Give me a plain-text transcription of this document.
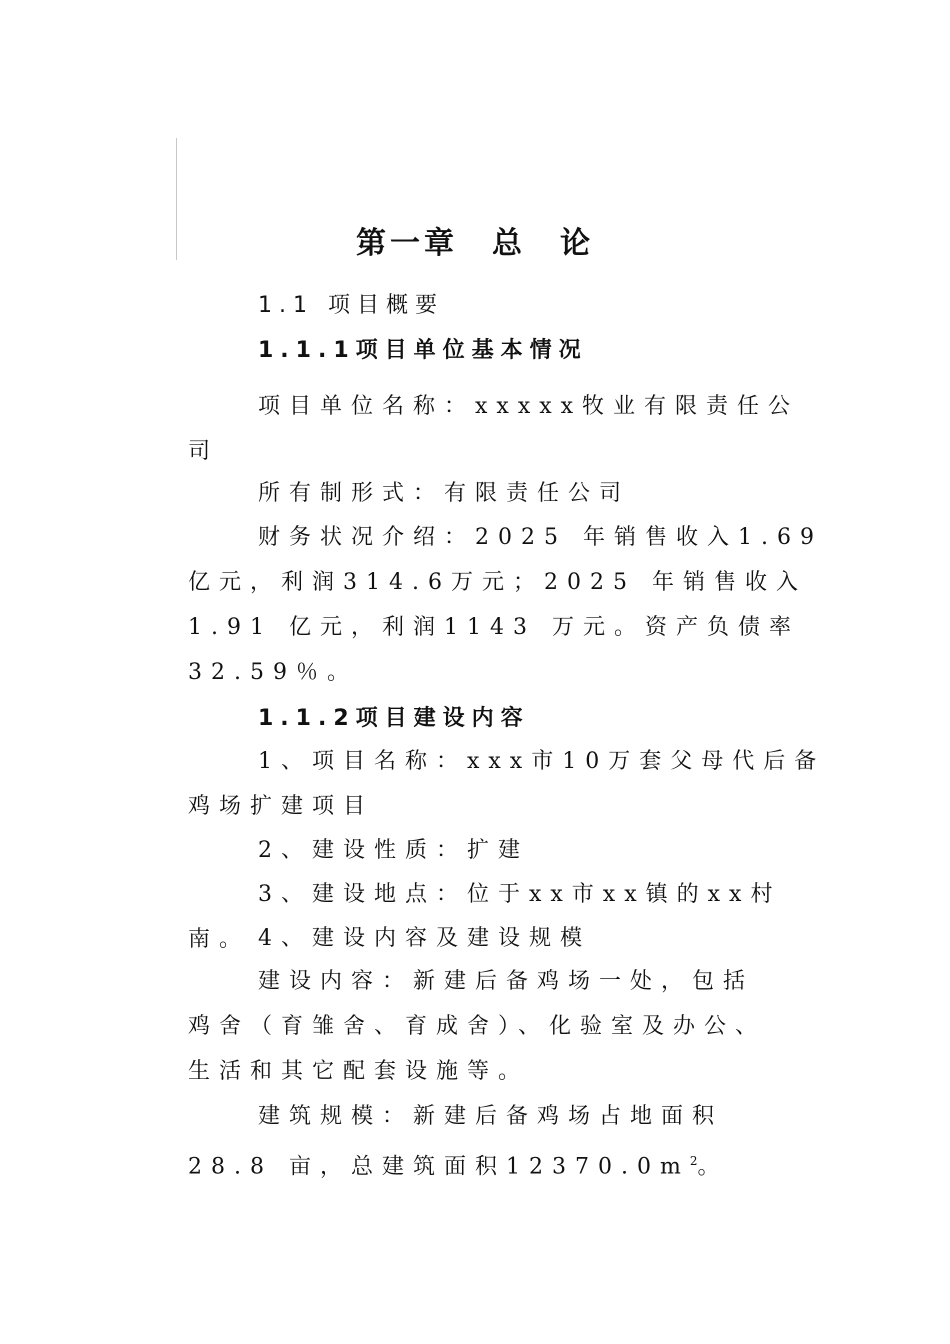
第一章　总　论

1.1 项目概要

1.1.1项目单位基本情况

项目单位名称：xxxxx牧业有限责任公
司

所有制形式：有限责任公司

财务状况介绍：2025 年销售收入1.69
亿元，利润314.6万元；2025 年销售收入
1.91 亿元，利润1143 万元。资产负债率
32.59％。

1.1.2项目建设内容

1、项目名称：xxx市10万套父母代后备
鸡场扩建项目

2、建设性质：扩建

3、建设地点：位于xx市xx镇的xx村南。 4、建设内容及建设规模

建设内容：新建后备鸡场一处，包括
鸡舍（育雏舍、育成舍）、化验室及办公、
生活和其它配套设施等。

建筑规模：新建后备鸡场占地面积
28.8 亩，总建筑面积$12370.0m^2$。
